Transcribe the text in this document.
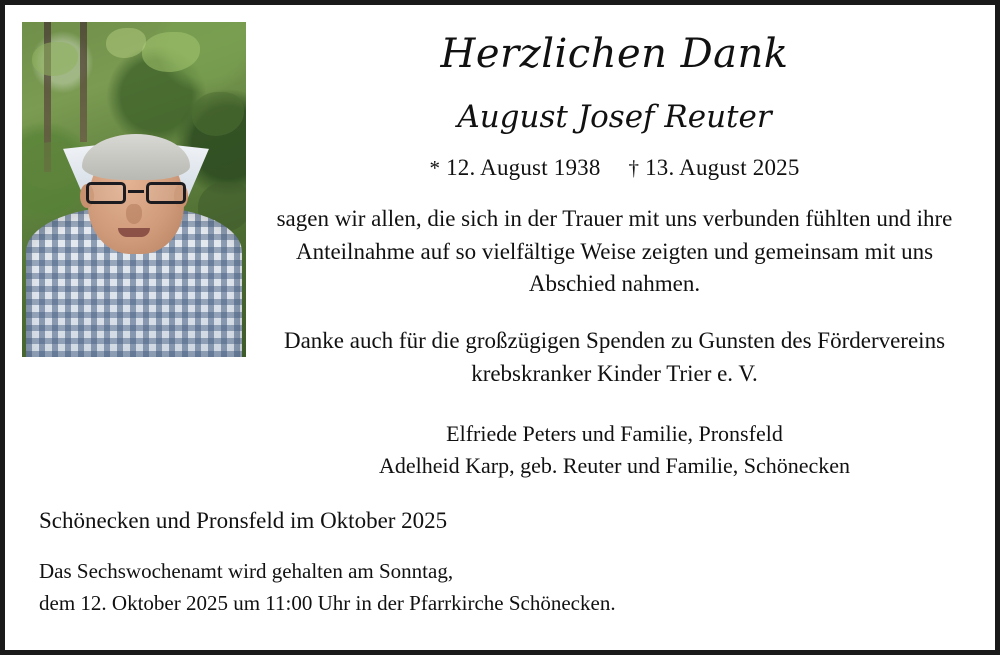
Herzlichen Dank
August Josef Reuter
* 12. August 1938 † 13. August 2025

sagen wir allen, die sich in der Trauer mit uns verbunden fühlten und ihre Anteilnahme auf so vielfältige Weise zeigten und gemeinsam mit uns Abschied nahmen.

Danke auch für die großzügigen Spenden zu Gunsten des Fördervereins krebskranker Kinder Trier e. V.

Elfriede Peters und Familie, Pronsfeld
Adelheid Karp, geb. Reuter und Familie, Schönecken

Schönecken und Pronsfeld im Oktober 2025

Das Sechswochenamt wird gehalten am Sonntag,
dem 12. Oktober 2025 um 11:00 Uhr in der Pfarrkirche Schönecken.
